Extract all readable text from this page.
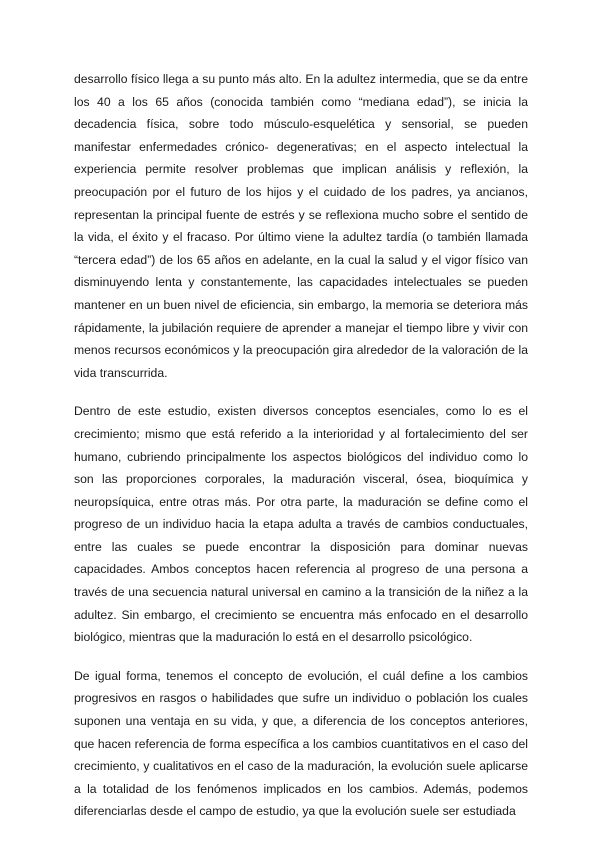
desarrollo físico llega a su punto más alto. En la adultez intermedia, que se da entre los 40 a los 65 años (conocida también como “mediana edad”), se inicia la decadencia física, sobre todo músculo-esquelética y sensorial, se pueden manifestar enfermedades crónico- degenerativas; en el aspecto intelectual la experiencia permite resolver problemas que implican análisis y reflexión, la preocupación por el futuro de los hijos y el cuidado de los padres, ya ancianos, representan la principal fuente de estrés y se reflexiona mucho sobre el sentido de la vida, el éxito y el fracaso. Por último viene la adultez tardía (o también llamada “tercera edad”) de los 65 años en adelante, en la cual la salud y el vigor físico van disminuyendo lenta y constantemente, las capacidades intelectuales se pueden mantener en un buen nivel de eficiencia, sin embargo, la memoria se deteriora más rápidamente, la jubilación requiere de aprender a manejar el tiempo libre y vivir con menos recursos económicos y la preocupación gira alrededor de la valoración de la vida transcurrida.

Dentro de este estudio, existen diversos conceptos esenciales, como lo es el crecimiento; mismo que está referido a la interioridad y al fortalecimiento del ser humano, cubriendo principalmente los aspectos biológicos del individuo como lo son las proporciones corporales, la maduración visceral, ósea, bioquímica y neuropsíquica, entre otras más. Por otra parte, la maduración se define como el progreso de un individuo hacia la etapa adulta a través de cambios conductuales, entre las cuales se puede encontrar la disposición para dominar nuevas capacidades. Ambos conceptos hacen referencia al progreso de una persona a través de una secuencia natural universal en camino a la transición de la niñez a la adultez. Sin embargo, el crecimiento se encuentra más enfocado en el desarrollo biológico, mientras que la maduración lo está en el desarrollo psicológico.

De igual forma, tenemos el concepto de evolución, el cuál define a los cambios progresivos en rasgos o habilidades que sufre un individuo o población los cuales suponen una ventaja en su vida, y que, a diferencia de los conceptos anteriores, que hacen referencia de forma específica a los cambios cuantitativos en el caso del crecimiento, y cualitativos en el caso de la maduración, la evolución suele aplicarse a la totalidad de los fenómenos implicados en los cambios. Además, podemos diferenciarlas desde el campo de estudio, ya que la evolución suele ser estudiada
